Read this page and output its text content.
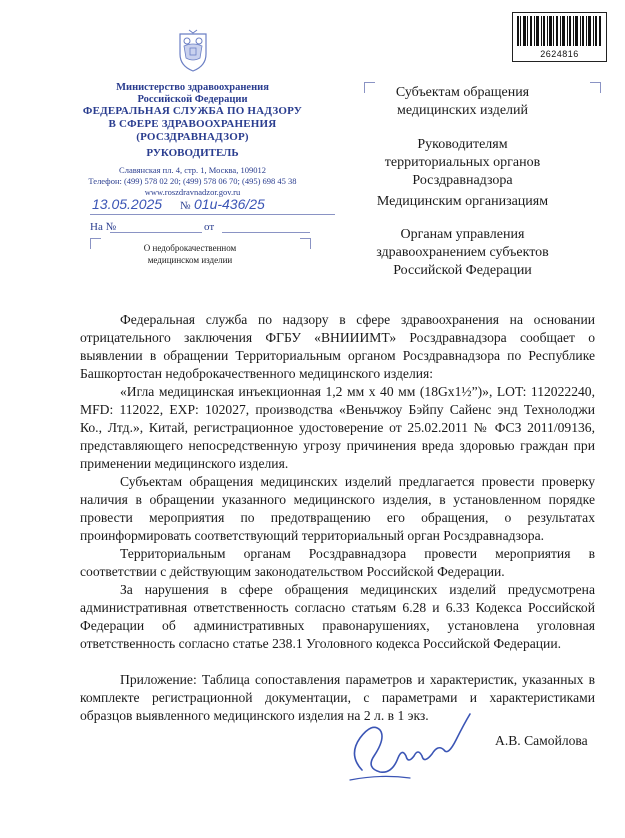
2624816
Министерство здравоохранения
Российской Федерации
ФЕДЕРАЛЬНАЯ СЛУЖБА ПО НАДЗОРУ
В СФЕРЕ ЗДРАВООХРАНЕНИЯ
(РОСЗДРАВНАДЗОР)
РУКОВОДИТЕЛЬ
Славянская пл. 4, стр. 1, Москва, 109012
Телефон: (499) 578 02 20; (499) 578 06 70; (495) 698 45 38
www.roszdravnadzor.gov.ru
13.05.2025 № 01и-436/25
На №	от
О недоброкачественном
медицинском изделии
Субъектам обращения
медицинских изделий
Руководителям
территориальных органов
Росздравнадзора
Медицинским организациям
Органам управления
здравоохранением субъектов
Российской Федерации

Федеральная служба по надзору в сфере здравоохранения на основании отрицательного заключения ФГБУ «ВНИИИМТ» Росздравнадзора сообщает о выявлении в обращении Территориальным органом Росздравнадзора по Республике Башкортостан недоброкачественного медицинского изделия:

«Игла медицинская инъекционная 1,2 мм х 40 мм (18Gx1½”)», LOT: 112022240, MFD: 112022, EXP: 102027, производства «Веньчжоу Бэйпу Сайенс энд Технолоджи Ко., Лтд.», Китай, регистрационное удостоверение от 25.02.2011 № ФСЗ 2011/09136, представляющего непосредственную угрозу причинения вреда здоровью граждан при применении медицинского изделия.

Субъектам обращения медицинских изделий предлагается провести проверку наличия в обращении указанного медицинского изделия, в установленном порядке провести мероприятия по предотвращению его обращения, о результатах проинформировать соответствующий территориальный орган Росздравнадзора.

Территориальным органам Росздравнадзора провести мероприятия в соответствии с действующим законодательством Российской Федерации.

За нарушения в сфере обращения медицинских изделий предусмотрена административная ответственность согласно статьям 6.28 и 6.33 Кодекса Российской Федерации об административных правонарушениях, установлена уголовная ответственность согласно статье 238.1 Уголовного кодекса Российской Федерации.

Приложение: Таблица сопоставления параметров и характеристик, указанных в комплекте регистрационной документации, с параметрами и характеристиками образцов выявленного медицинского изделия на 2 л. в 1 экз.

А.В. Самойлова
